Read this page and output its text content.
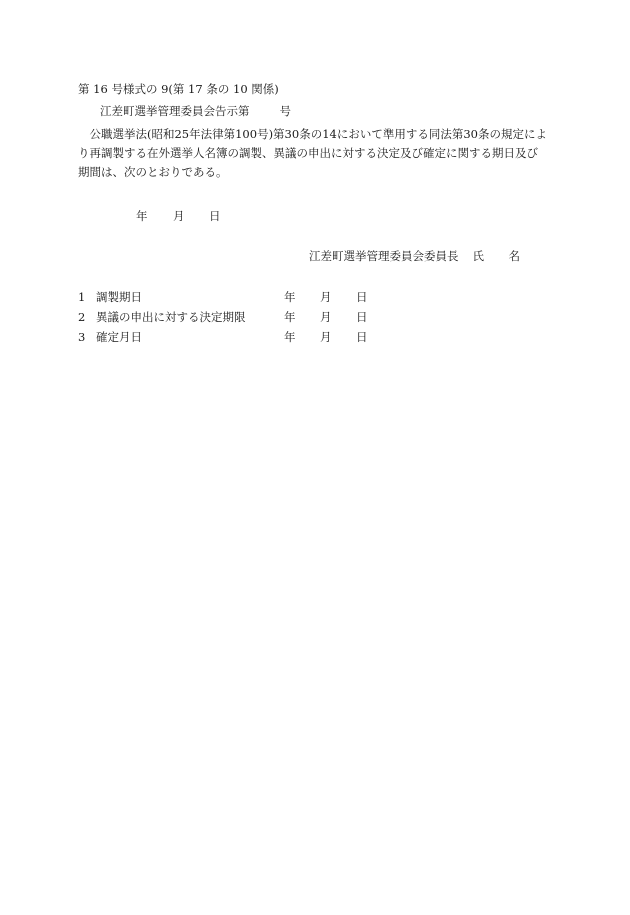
第 16 号様式の 9(第 17 条の 10 関係)
江差町選挙管理委員会告示第	号
　公職選挙法(昭和25年法律第100号)第30条の14において準用する同法第30条の規定によ
り再調製する在外選挙人名簿の調製、異議の申出に対する決定及び確定に関する期日及び
期間は、次のとおりである。
年 月 日
江差町選挙管理委員会委員長 氏 名
1 調製期日	年 月 日
2 異議の申出に対する決定期限	年 月 日
3 確定月日	年 月 日
